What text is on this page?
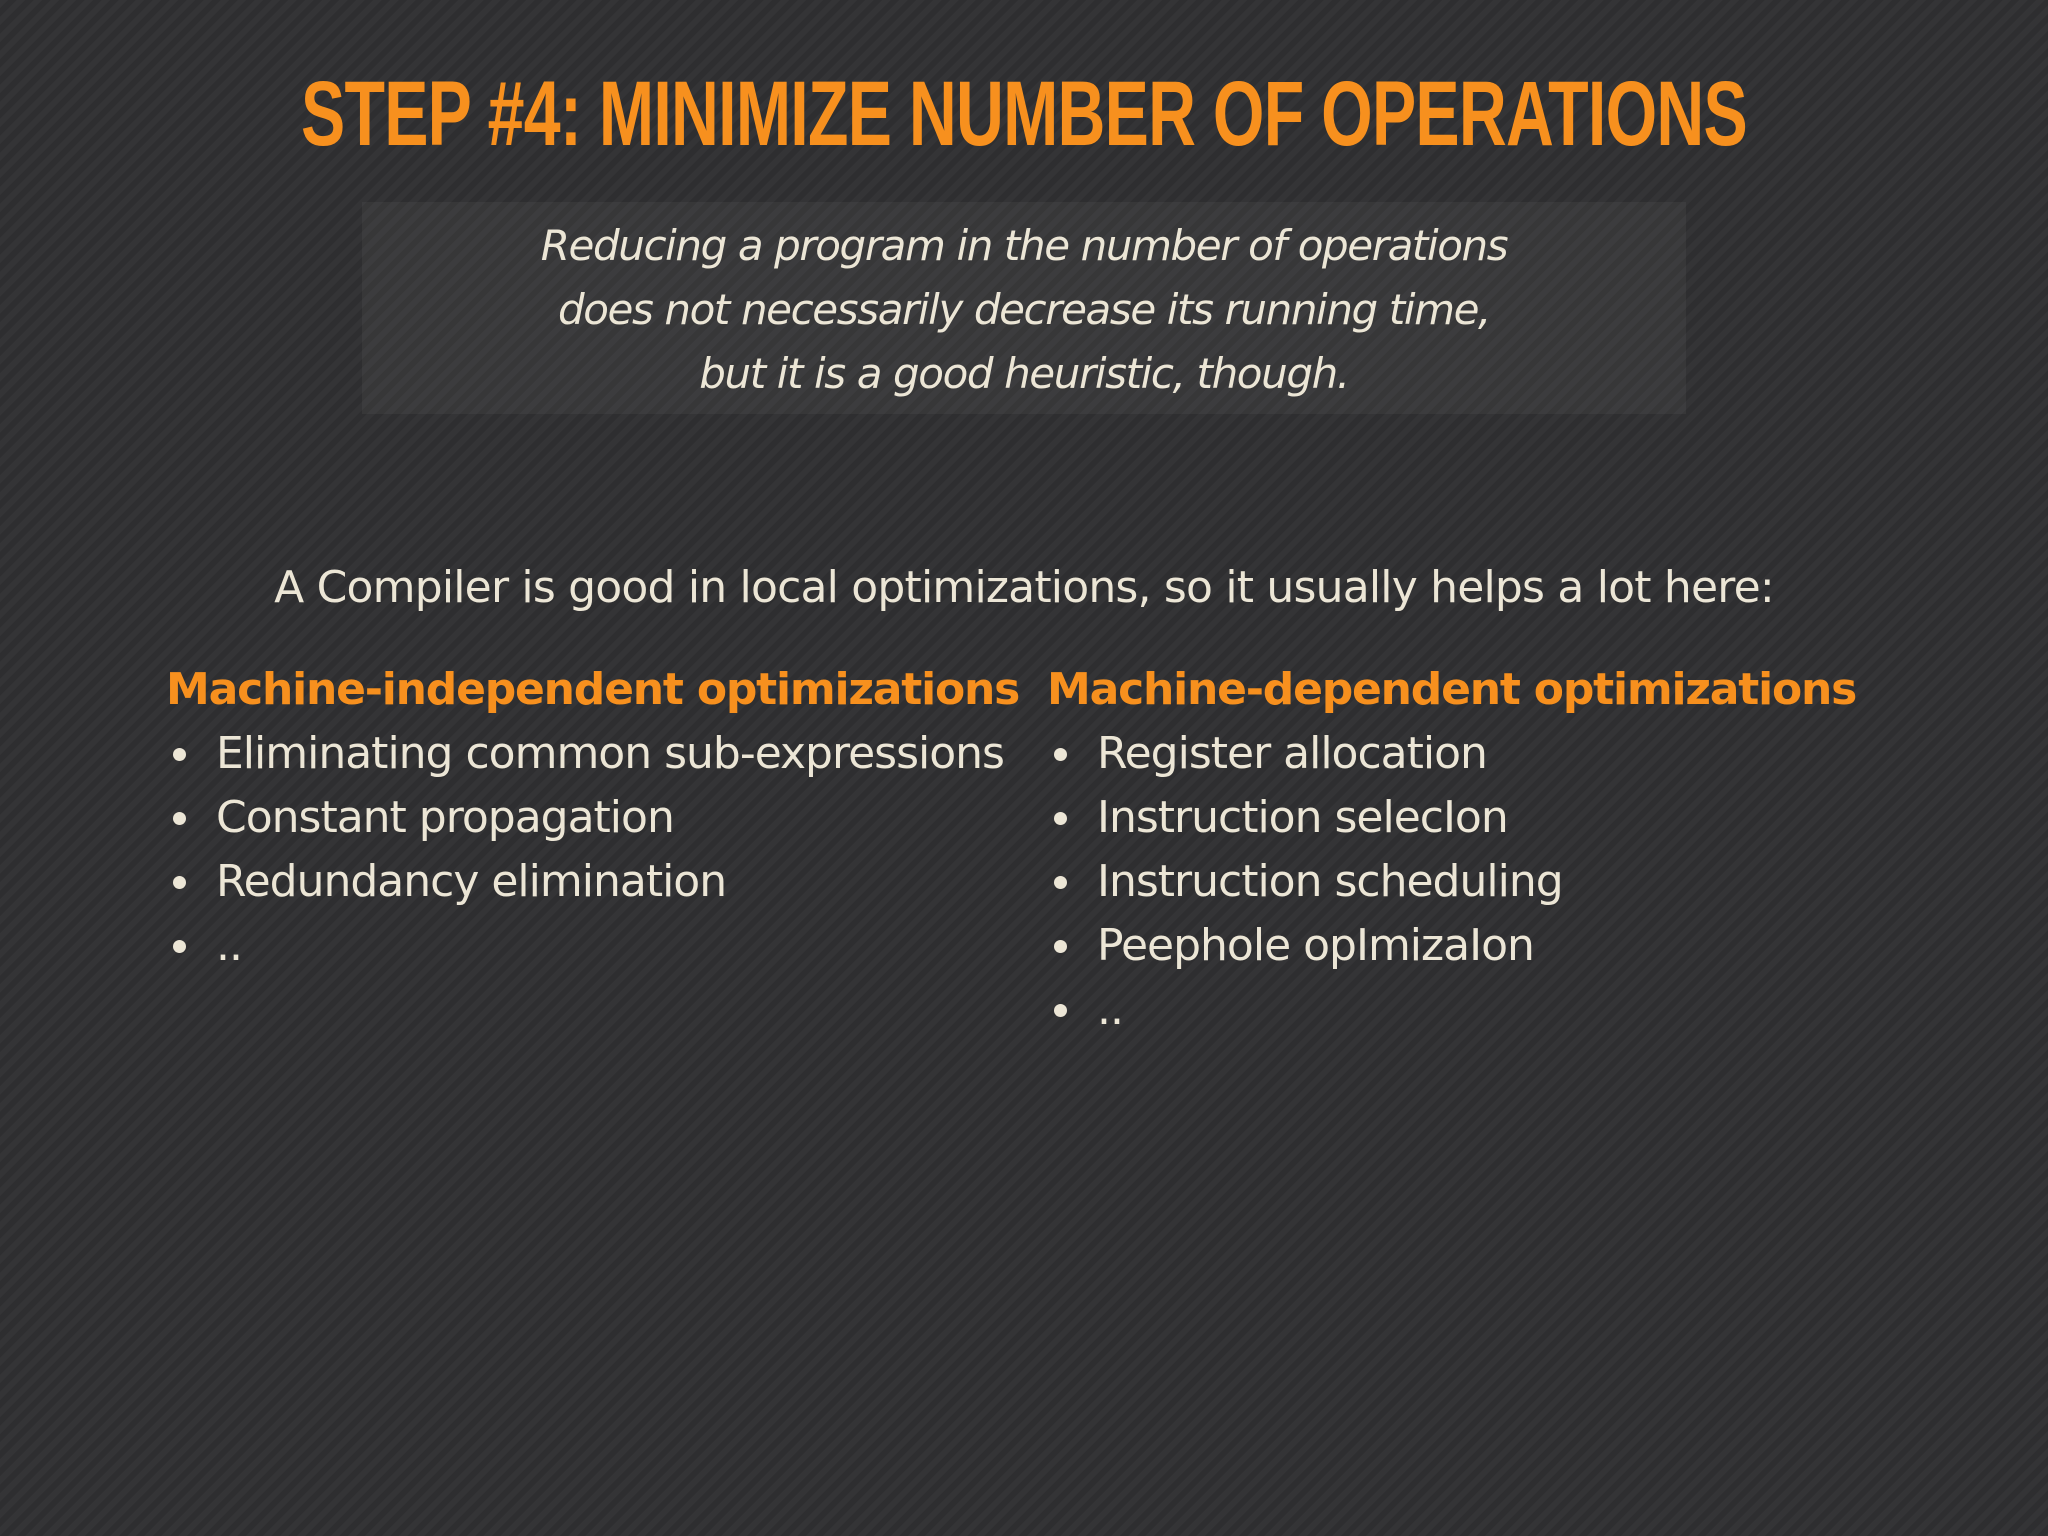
STEP #4: MINIMIZE NUMBER OF OPERATIONS
Reducing a program in the number of operations
does not necessarily decrease its running time,
but it is a good heuristic, though.

A Compiler is good in local optimizations, so it usually helps a lot here:

Machine-independent optimizations
Eliminating common sub-expressions
Constant propagation
Redundancy elimination
..
Machine-dependent optimizations
Register allocation
Instruction selecIon
Instruction scheduling
Peephole opImizaIon
..
